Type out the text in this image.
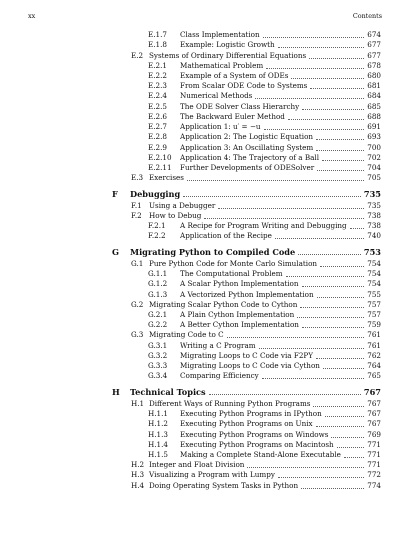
xx	Contents
E.1.7 Class Implementation	674
E.1.8 Example: Logistic Growth	677
E.2 Systems of Ordinary Differential Equations	677
E.2.1 Mathematical Problem	678
E.2.2 Example of a System of ODEs	680
E.2.3 From Scalar ODE Code to Systems	681
E.2.4 Numerical Methods	684
E.2.5 The ODE Solver Class Hierarchy	685
E.2.6 The Backward Euler Method	688
E.2.7 Application 1: u′ = −u	691
E.2.8 Application 2: The Logistic Equation	693
E.2.9 Application 3: An Oscillating System	700
E.2.10 Application 4: The Trajectory of a Ball	702
E.2.11 Further Developments of ODESolver	704
E.3 Exercises	705
F Debugging	735
F.1 Using a Debugger	735
F.2 How to Debug	738
F.2.1 A Recipe for Program Writing and Debugging	738
F.2.2 Application of the Recipe	740
G Migrating Python to Compiled Code	753
G.1 Pure Python Code for Monte Carlo Simulation	754
G.1.1 The Computational Problem	754
G.1.2 A Scalar Python Implementation	754
G.1.3 A Vectorized Python Implementation	755
G.2 Migrating Scalar Python Code to Cython	757
G.2.1 A Plain Cython Implementation	757
G.2.2 A Better Cython Implementation	759
G.3 Migrating Code to C	761
G.3.1 Writing a C Program	761
G.3.2 Migrating Loops to C Code via F2PY	762
G.3.3 Migrating Loops to C Code via Cython	764
G.3.4 Comparing Efficiency	765
H Technical Topics	767
H.1 Different Ways of Running Python Programs	767
H.1.1 Executing Python Programs in IPython	767
H.1.2 Executing Python Programs on Unix	767
H.1.3 Executing Python Programs on Windows	769
H.1.4 Executing Python Programs on Macintosh	771
H.1.5 Making a Complete Stand-Alone Executable	771
H.2 Integer and Float Division	771
H.3 Visualizing a Program with Lumpy	772
H.4 Doing Operating System Tasks in Python	774
